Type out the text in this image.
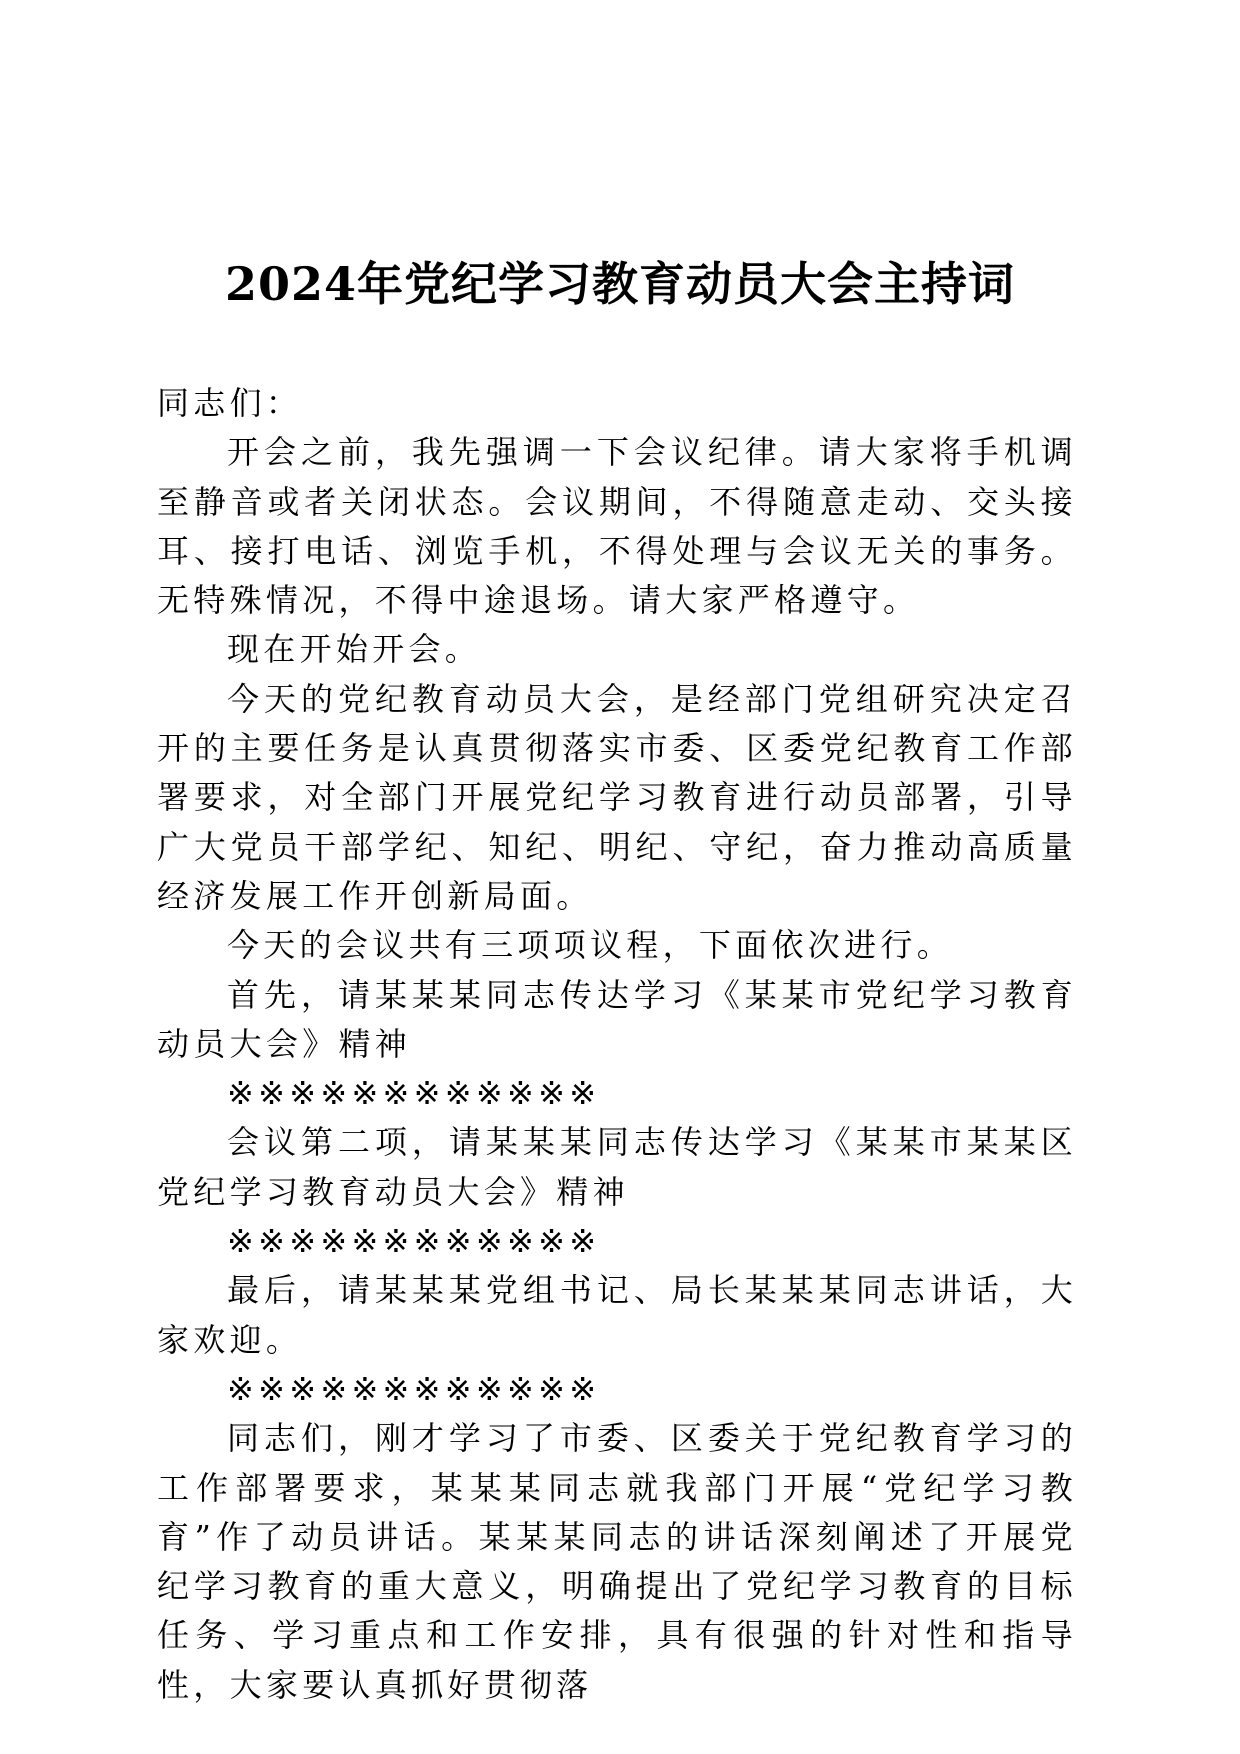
2024年党纪学习教育动员大会主持词

同志们：

开会之前，我先强调一下会议纪律。请大家将手机调至静音或者关闭状态。会议期间，不得随意走动、交头接耳、接打电话、浏览手机，不得处理与会议无关的事务。无特殊情况，不得中途退场。请大家严格遵守。

现在开始开会。

今天的党纪教育动员大会，是经部门党组研究决定召开的主要任务是认真贯彻落实市委、区委党纪教育工作部署要求，对全部门开展党纪学习教育进行动员部署，引导广大党员干部学纪、知纪、明纪、守纪，奋力推动高质量经济发展工作开创新局面。

今天的会议共有三项项议程，下面依次进行。

首先，请某某某同志传达学习《某某市党纪学习教育动员大会》精神

※※※※※※※※※※※※

会议第二项，请某某某同志传达学习《某某市某某区党纪学习教育动员大会》精神

※※※※※※※※※※※※

最后，请某某某党组书记、局长某某某同志讲话，大家欢迎。

※※※※※※※※※※※※

同志们，刚才学习了市委、区委关于党纪教育学习的工作部署要求，某某某同志就我部门开展“党纪学习教育”作了动员讲话。某某某同志的讲话深刻阐述了开展党纪学习教育的重大意义，明确提出了党纪学习教育的目标任务、学习重点和工作安排，具有很强的针对性和指导性，大家要认真抓好贯彻落
